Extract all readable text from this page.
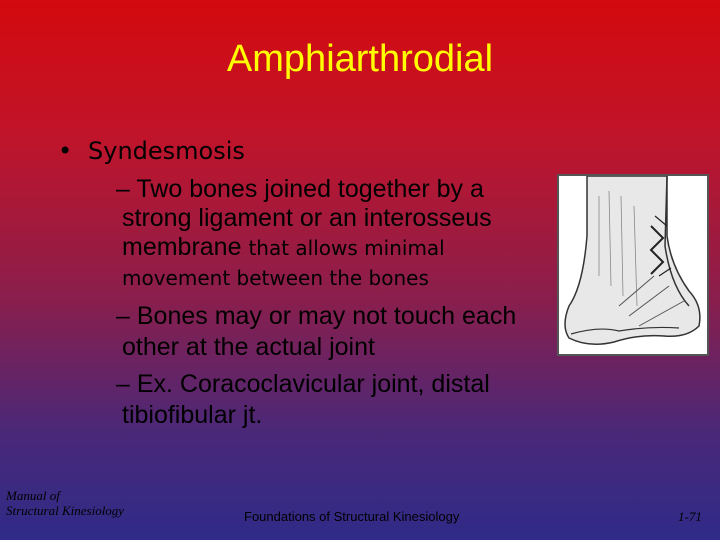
Amphiarthrodial
• Syndesmosis
– Two bones joined together by a
strong ligament or an interosseus
membrane that allows minimal
movement between the bones
– Bones may or may not touch each
other at the actual joint
– Ex. Coracoclavicular joint, distal
tibiofibular jt.
Manual of
Structural Kinesiology	Foundations of Structural Kinesiology	1-71
